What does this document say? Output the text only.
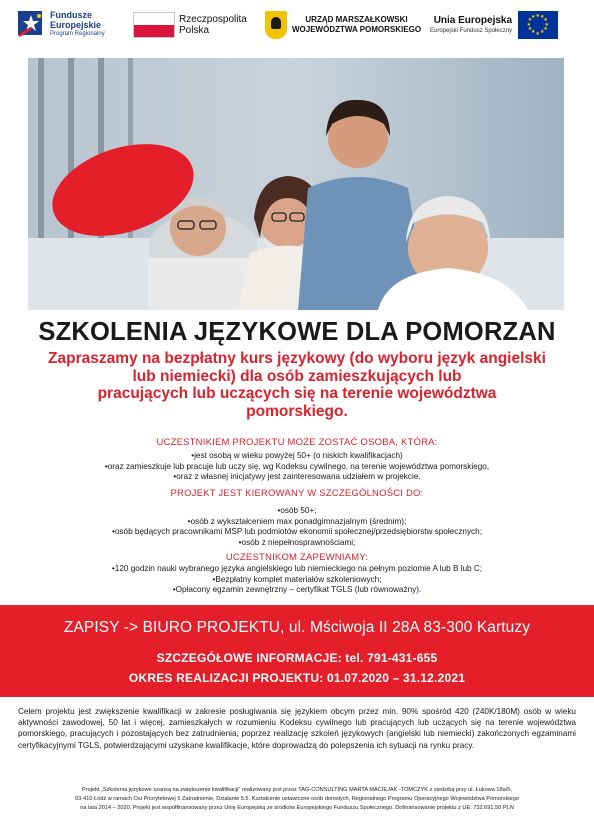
Fundusze
Europejskie
Program Regionalny
Rzeczpospolita
Polska
URZĄD MARSZAŁKOWSKI
WOJEWÓDZTWA POMORSKIEGO
Unia Europejska
Europejski Fundusz Społeczny
★
★
★
★
★
★
★
★
★ ★ ★
★
SZKOLENIA JĘZYKOWE DLA POMORZAN
Zapraszamy na bezpłatny kurs językowy (do wyboru język angielski
lub niemiecki) dla osób zamieszkujących lub
pracujących lub uczących się na terenie województwa
pomorskiego.
UCZESTNIKIEM PROJEKTU MOŻE ZOSTAĆ OSOBA, KTÓRA:
• jest osobą w wieku powyżej 50+ (o niskich kwalifikacjach)
• oraz zamieszkuje lub pracuje lub uczy się, wg Kodeksu cywilnego, na terenie województwa pomorskiego,
• oraz z własnej inicjatywy jest zainteresowana udziałem w projekcie.
PROJEKT JEST KIEROWANY W SZCZEGÓLNOŚCI DO:
• osób 50+;
• osób z wykształceniem max ponadgimnazjalnym (średnim);
• osób będących pracownikami MSP lub podmiotów ekonomii społecznej/przedsiębiorstw społecznych;
• osób z niepełnosprawnościami;
UCZESTNIKOM ZAPEWNIAMY:
• 120 godzin nauki wybranego języka angielskiego lub niemieckiego na pełnym poziomie A lub B lub C;
• Bezpłatny komplet materiałów szkoleniowych;
• Opłacony egzamin zewnętrzny – certyfikat TGLS (lub równoważny).
ZAPISY -> BIURO PROJEKTU, ul. Mściwoja II 28A 83-300 Kartuzy
SZCZEGÓŁOWE INFORMACJE: tel. 791-431-655
OKRES REALIZACJI PROJEKTU: 01.07.2020 – 31.12.2021
Celem projektu jest zwiększenie kwalifikacji w zakresie posługiwania się językiem obcym przez min. 90% spośród 420 (240K/180M) osób w wieku aktywności zawodowej, 50 lat i więcej, zamieszkałych w rozumieniu Kodeksu cywilnego lub pracujących lub uczących się na terenie województwa pomorskiego, pracujących i pozostających bez zatrudnienia, poprzez realizację szkoleń językowych (angielski lub niemiecki) zakończonych egzaminami certyfikacyjnymi TGLS, potwierdzającymi uzyskane kwalifikacje, które doprowadzą do polepszenia ich sytuacji na rynku pracy.
Projekt „Szkolenia językowe szansą na zwiększenie kwalifikacji” realizowany jest przez TAG-CONSULTING MARTA MACIEJAK -TOMCZYK z siedzibą przy ul. Łukowa 18a/5,
93-410 Łódź w ramach Osi Priorytetowej 5 Zatrudnienie, Działanie 5.5. Kształcenie ustawiczne osób dorosłych, Regionalnego Programu Operacyjnego Województwa Pomorskiego
na lata 2014 – 2020. Projekt jest współfinansowany przez Unię Europejską ze środków Europejskiego Funduszu Społecznego. Dofinansowanie projektu z UE: 732.691,50 PLN
